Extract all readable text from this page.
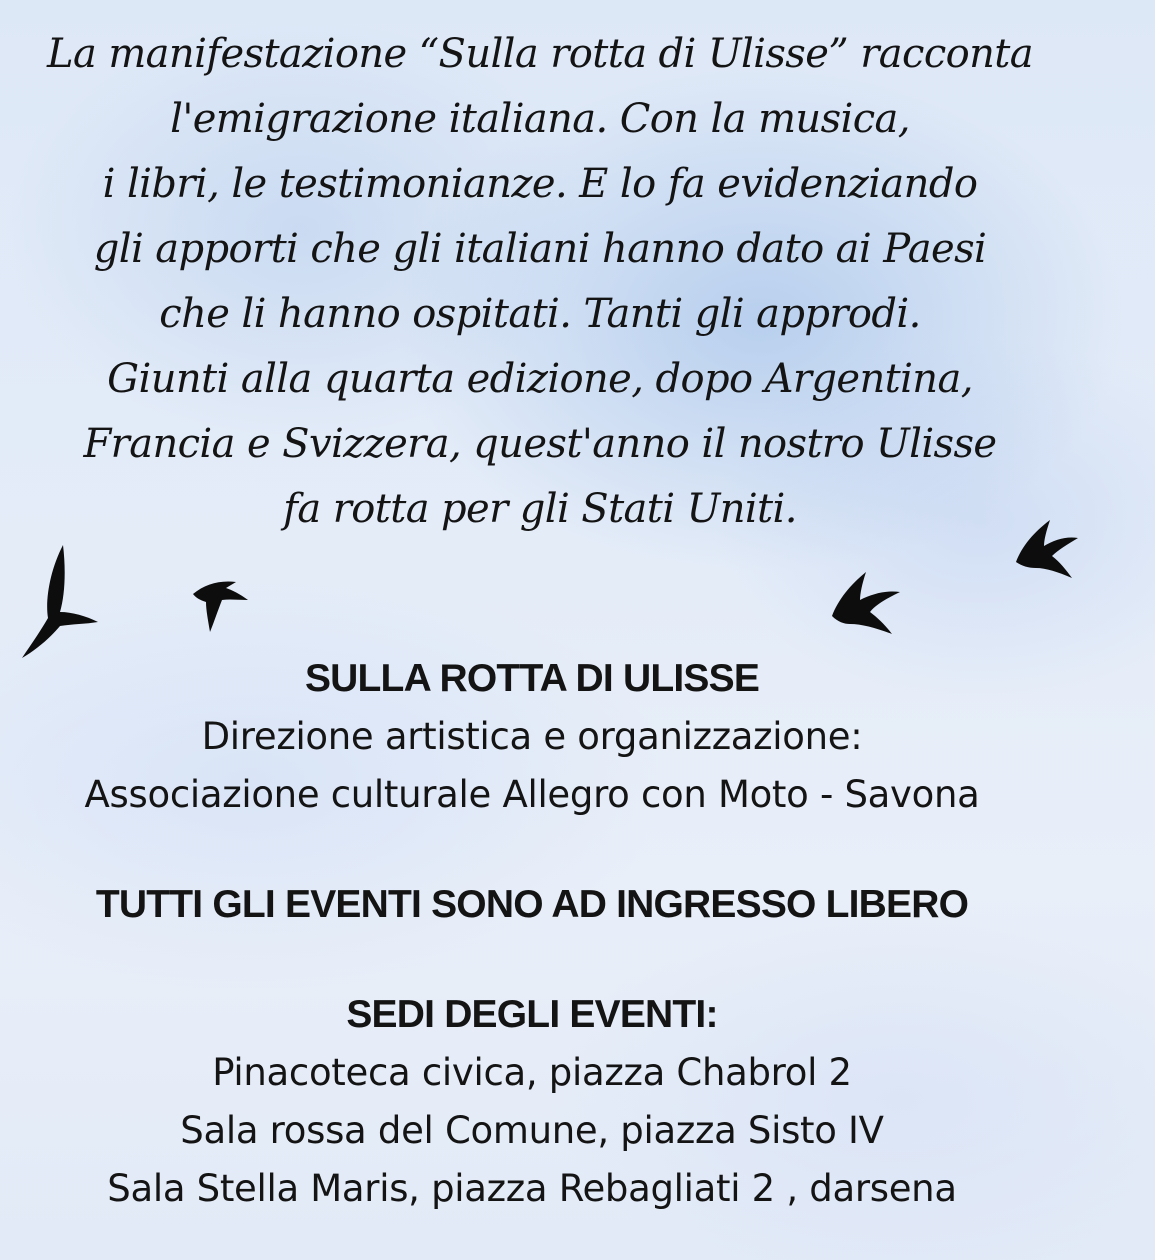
La manifestazione “Sulla rotta di Ulisse” racconta
l'emigrazione italiana. Con la musica,
i libri, le testimonianze. E lo fa evidenziando
gli apporti che gli italiani hanno dato ai Paesi
che li hanno ospitati. Tanti gli approdi.
Giunti alla quarta edizione, dopo Argentina,
Francia e Svizzera, quest'anno il nostro Ulisse
fa rotta per gli Stati Uniti.
SULLA ROTTA DI ULISSE
Direzione artistica e organizzazione:
Associazione culturale Allegro con Moto - Savona
TUTTI GLI EVENTI SONO AD INGRESSO LIBERO
SEDI DEGLI EVENTI:
Pinacoteca civica, piazza Chabrol 2
Sala rossa del Comune, piazza Sisto IV
Sala Stella Maris, piazza Rebagliati 2 , darsena
